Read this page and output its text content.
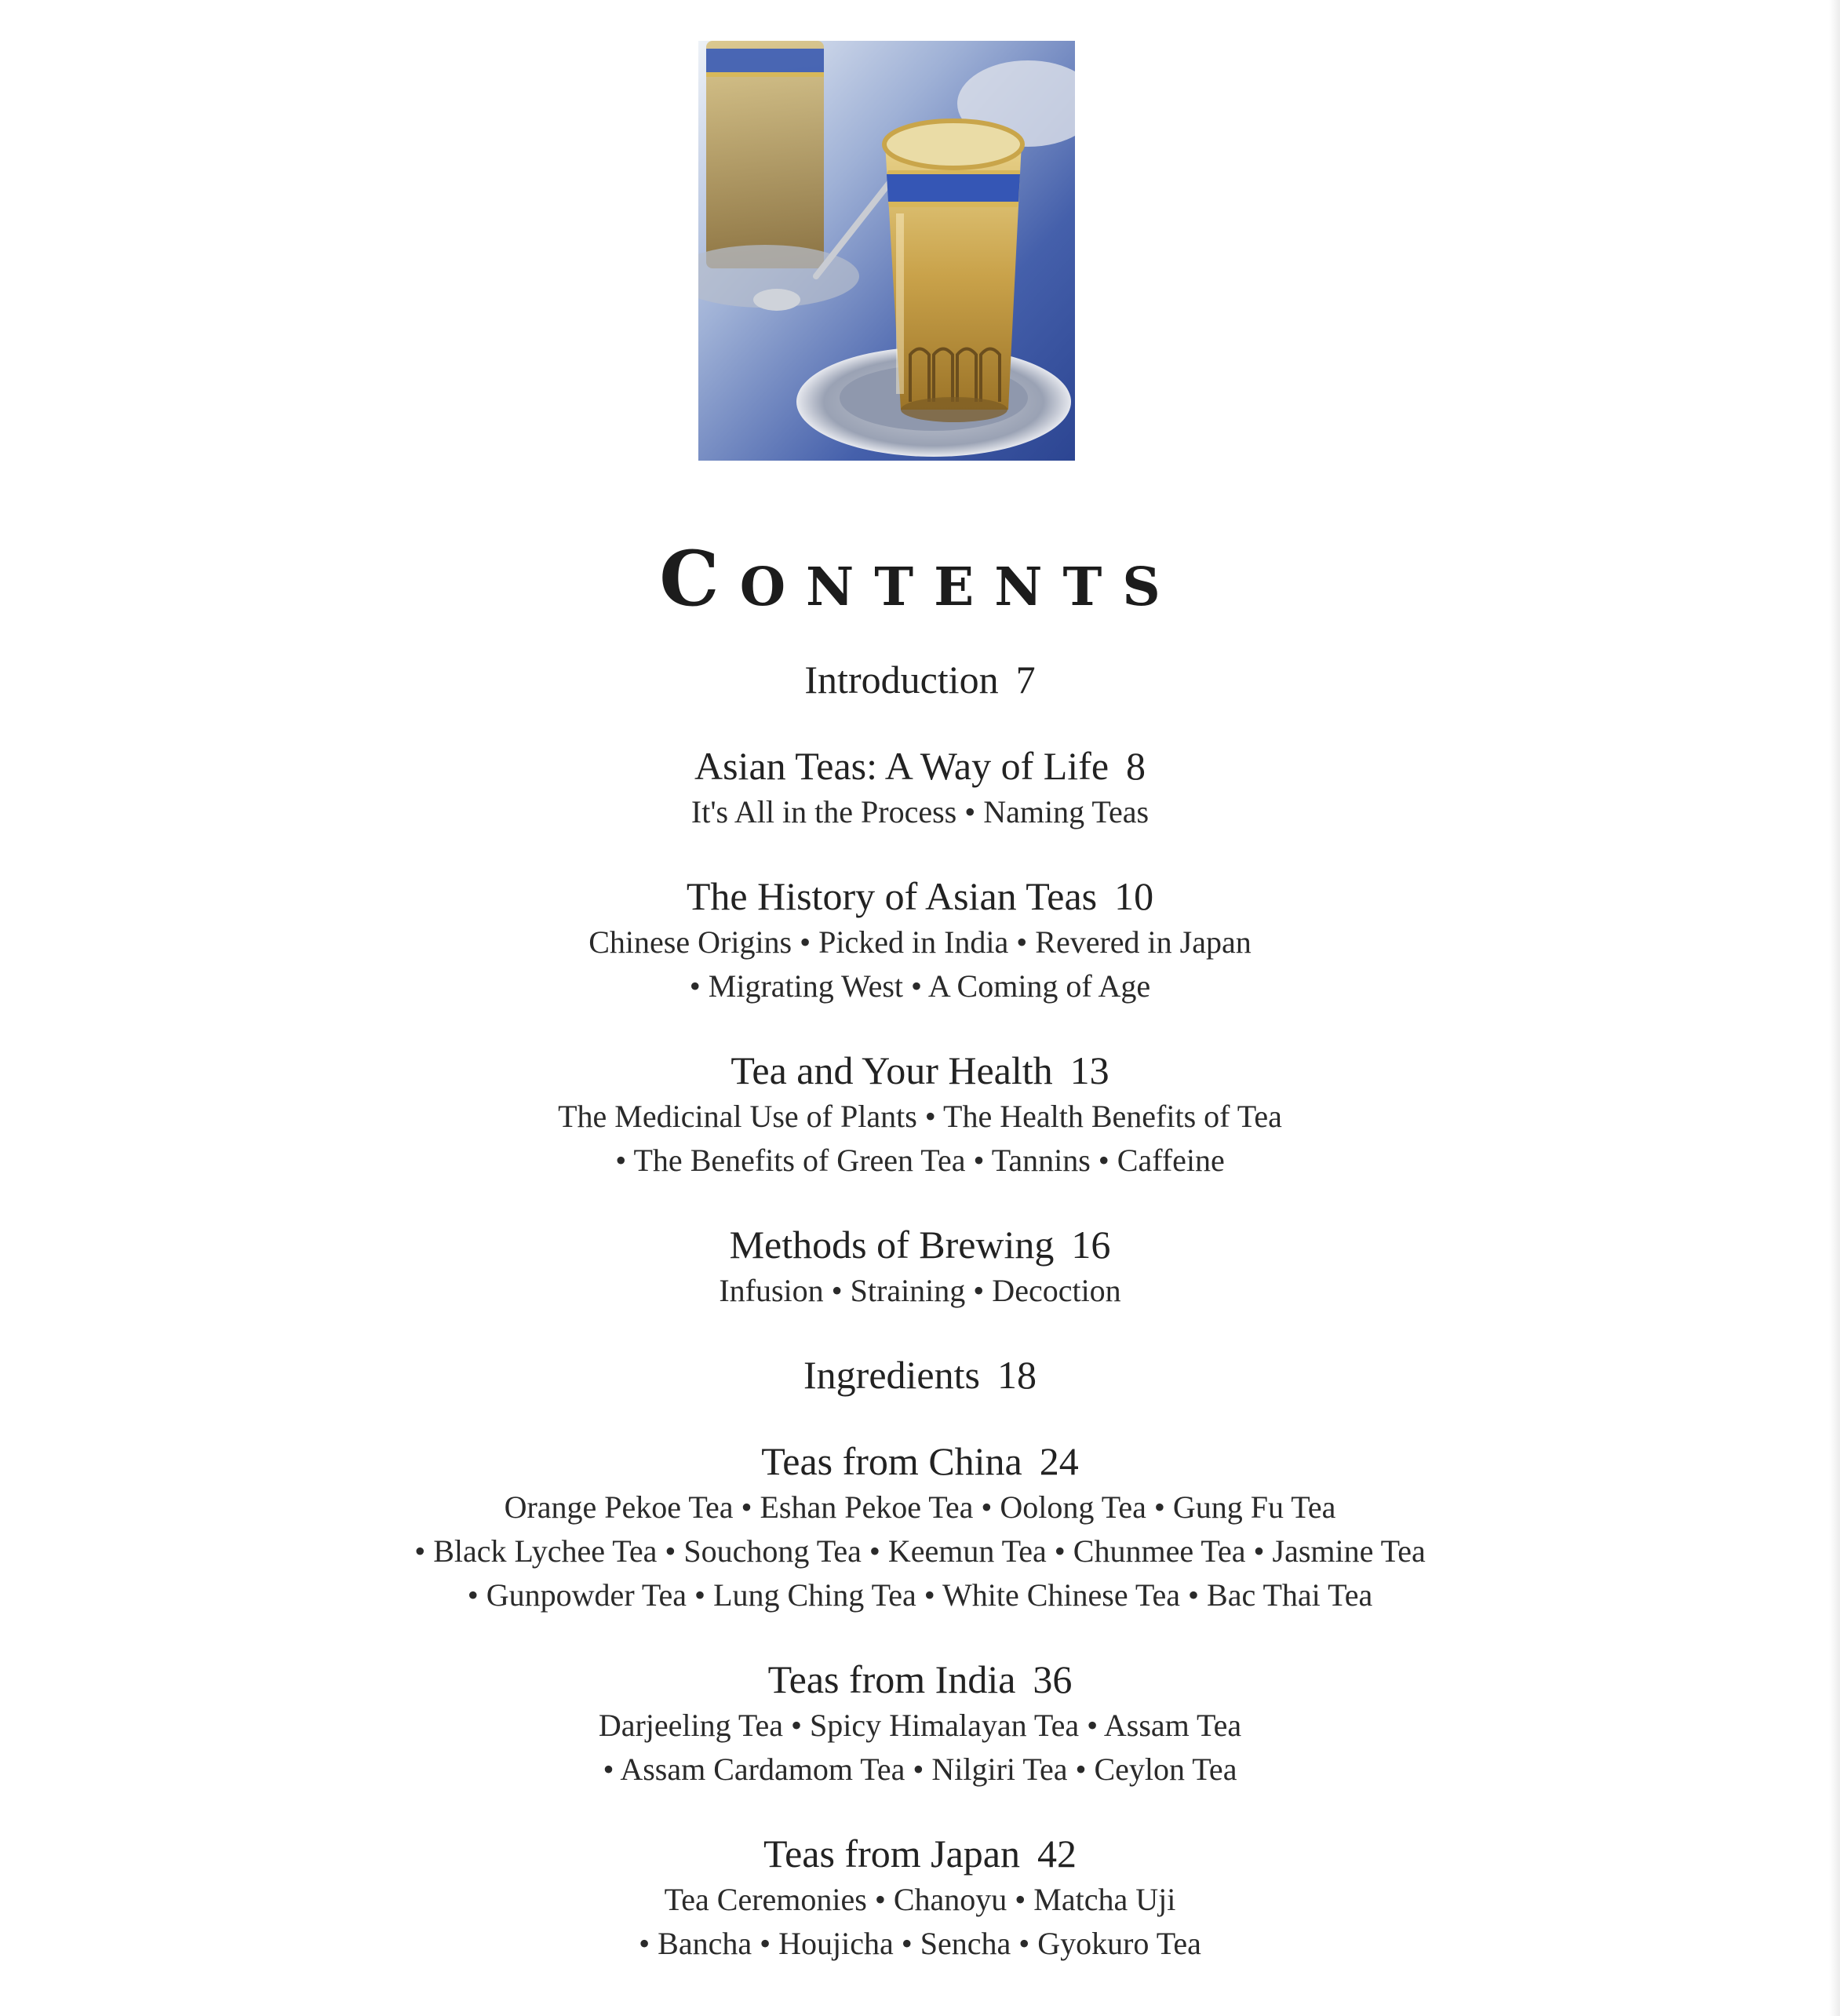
Contents
Introduction 7
Asian Teas: A Way of Life 8
It's All in the Process • Naming Teas
The History of Asian Teas 10
Chinese Origins • Picked in India • Revered in Japan
• Migrating West • A Coming of Age
Tea and Your Health 13
The Medicinal Use of Plants • The Health Benefits of Tea
• The Benefits of Green Tea • Tannins • Caffeine
Methods of Brewing 16
Infusion • Straining • Decoction
Ingredients 18
Teas from China 24
Orange Pekoe Tea • Eshan Pekoe Tea • Oolong Tea • Gung Fu Tea
• Black Lychee Tea • Souchong Tea • Keemun Tea • Chunmee Tea • Jasmine Tea
• Gunpowder Tea • Lung Ching Tea • White Chinese Tea • Bac Thai Tea
Teas from India 36
Darjeeling Tea • Spicy Himalayan Tea • Assam Tea
• Assam Cardamom Tea • Nilgiri Tea • Ceylon Tea
Teas from Japan 42
Tea Ceremonies • Chanoyu • Matcha Uji
• Bancha • Houjicha • Sencha • Gyokuro Tea
